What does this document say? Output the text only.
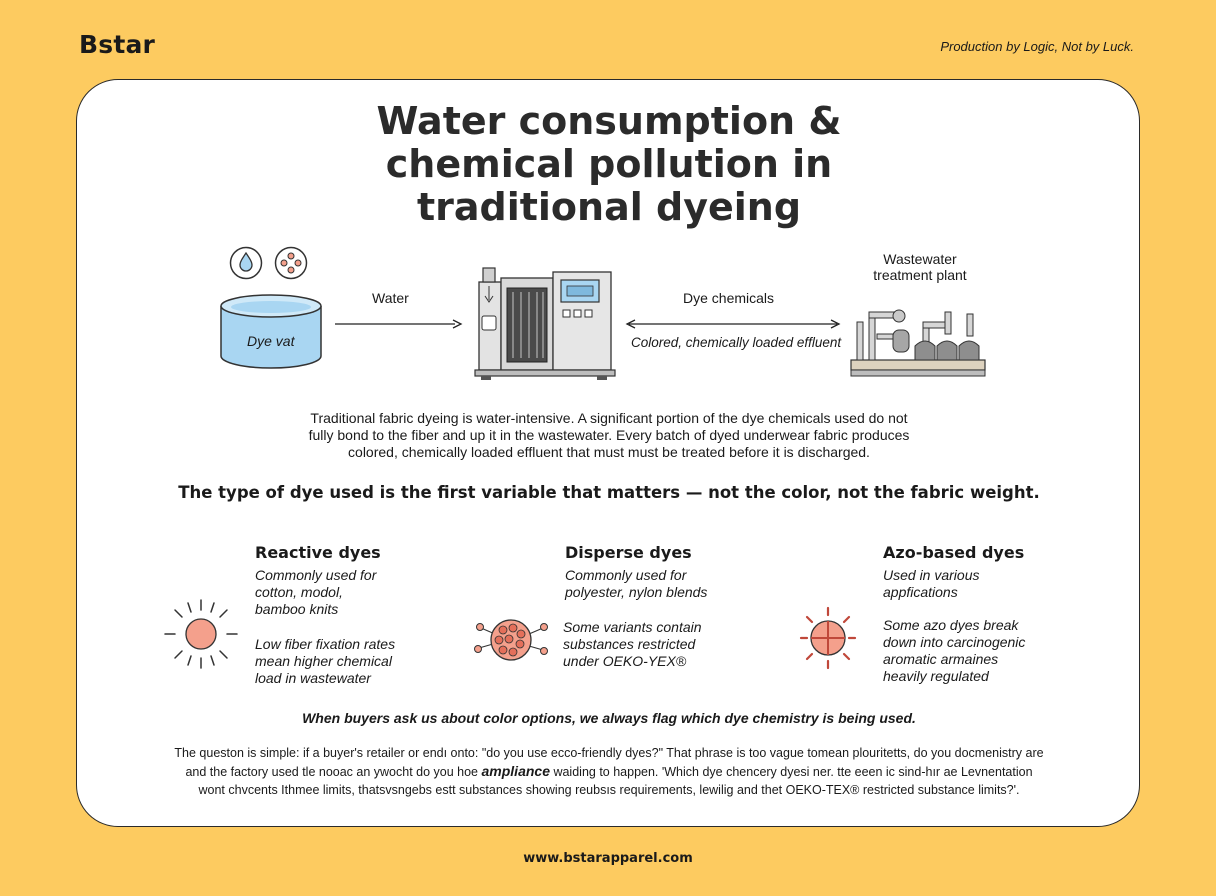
Bstar	Production by Logic, Not by Luck.
Water consumption &
chemical pollution in
traditional dyeing
Dye vat
Water	Dye chemicals
Colored, chemically loaded effluent
Wastewater
treatment plant
Traditional fabric dyeing is water-intensive. A significant portion of the dye chemicals used do not
fully bond to the fiber and up it in the wastewater. Every batch of dyed underwear fabric produces
colored, chemically loaded effluent that must must be treated before it is discharged.
The type of dye used is the first variable that matters — not the color, not the fabric weight.
Reactive dyes
Commonly used for
cotton, modol,
bamboo knits
Low fiber fixation rates
mean higher chemical
load in wastewater
Disperse dyes
Commonly used for
polyester, nylon blends
Some variants contain
substances restricted
under OEKO-YEX®
Azo-based dyes
Used in various
appfications
Some azo dyes break
down into carcinogenic
aromatic armaines
heavily regulated
When buyers ask us about color options, we always flag which dye chemistry is being used.
The queston is simple: if a buyer's retailer or endı onto: "do you use ecco-friendly dyes?" That phrase is too vague tomean plouritetts, do you docmenistry are
and the factory used tle nooac an ywocht do you hoe ampliance waiding to happen. 'Which dye chencery dyesi ner. tte eeen ic sind-hır ae Levnentation
wont chvcents Ithmee limits, thatsvsngebs estt substances showing reubsıs requirements, lewilig and thet OEKO-TEX® restricted substance limits?'.
www.bstarapparel.com
